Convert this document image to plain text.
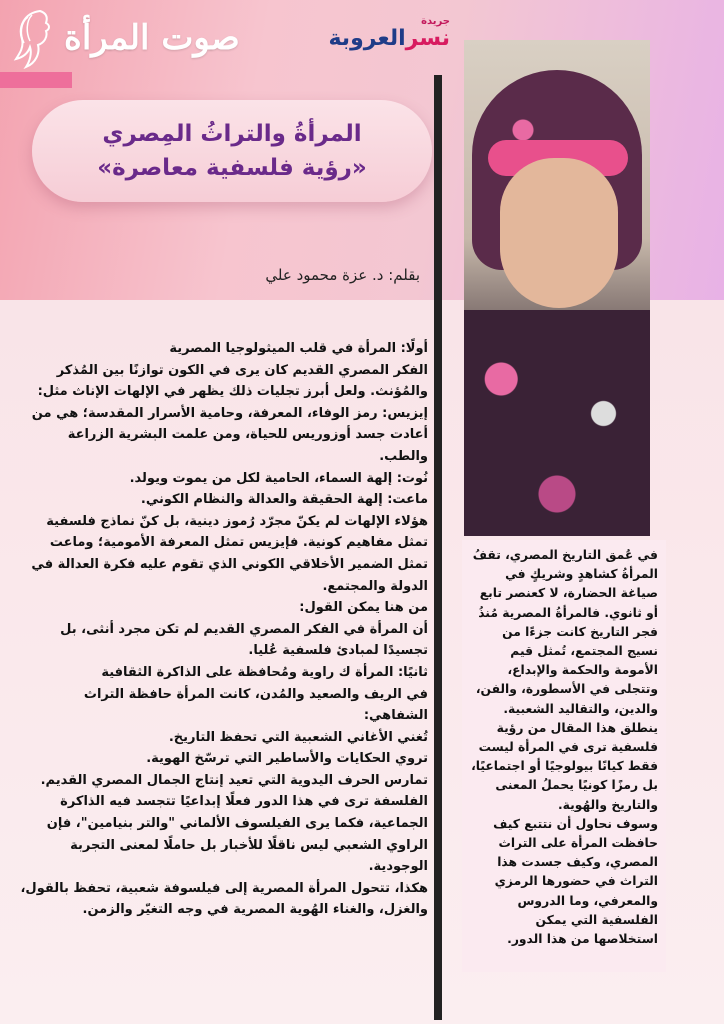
صوت المرأة	جريدة
نسرالعروبة
المرأةُ والتراثُ المِصري
«رؤية فلسفية معاصرة»
بقلم: د. عزة محمود علي

في عُمق التاريخ المصري، تقفُ المرأةُ كشاهدٍ وشريكٍ في صياغة الحضارة، لا كعنصر تابع أو ثانوي. فالمرأةُ المصرية مُنذُ فجر التاريخ كانت جزءًا من نسيج المجتمع، تُمثل قيم الأمومة والحكمة والإبداع، وتتجلى في الأسطورة، والفن، والدين، والتقاليد الشعبية.

ينطلق هذا المقال من رؤية فلسفية ترى في المرأة ليست فقط كيانًا بيولوجيًا أو اجتماعيًا، بل رمزًا كونيًا يحملُ المعنى والتاريخ والهُوية.

وسوف نحاول أن نتتبع كيف حافظت المرأة على التراث المصري، وكيف جسدت هذا التراث في حضورها الرمزي والمعرفي، وما الدروس الفلسفية التي يمكن استخلاصها من هذا الدور.

أولًا: المرأة في قلب الميثولوجيا المصرية

الفكر المصري القديم كان يرى في الكون توازنًا بين المُذكر والمُؤنث. ولعل أبرز تجليات ذلك يظهر في الإلهات الإناث مثل:

إيزيس: رمز الوفاء، المعرفة، وحامية الأسرار المقدسة؛ هي من أعادت جسد أوزوريس للحياة، ومن علمت البشرية الزراعة والطب.

نُوت: إلهة السماء، الحامية لكل من يموت ويولد.

ماعت: إلهة الحقيقة والعدالة والنظام الكوني.

هؤلاء الإلهات لم يكنّ مجرّد رُموز دينية، بل كنّ نماذج فلسفية تمثل مفاهيم كونية. فإيزيس تمثل المعرفة الأمومية؛ وماعت تمثل الضمير الأخلاقي الكوني الذي تقوم عليه فكرة العدالة في الدولة والمجتمع.

من هنا يمكن القول:

أن المرأة في الفكر المصري القديم لم تكن مجرد أنثى، بل تجسيدًا لمبادئ فلسفية عُليا.

ثانيًا: المرأة ك راوية ومُحافظة على الذاكرة الثقافية

في الريف والصعيد والمُدن، كانت المرأة حافظة التراث الشفاهي:

تُغني الأغاني الشعبية التي تحفظ التاريخ.

تروي الحكايات والأساطير التي ترسّخ الهوية.

تمارس الحرف اليدوية التي تعيد إنتاج الجمال المصري القديم.

الفلسفة ترى في هذا الدور فعلًا إبداعيًا تتجسد فيه الذاكرة الجماعية، فكما يرى الفيلسوف الألماني "والتر بنيامين"، فإن الراوي الشعبي ليس ناقلًا للأخبار بل حاملًا لمعنى التجربة الوجودية.

هكذا، تتحول المرأة المصرية إلى فيلسوفة شعبية، تحفظ بالقول، والغزل، والغناء الهُوية المصرية في وجه التغيّر والزمن.
